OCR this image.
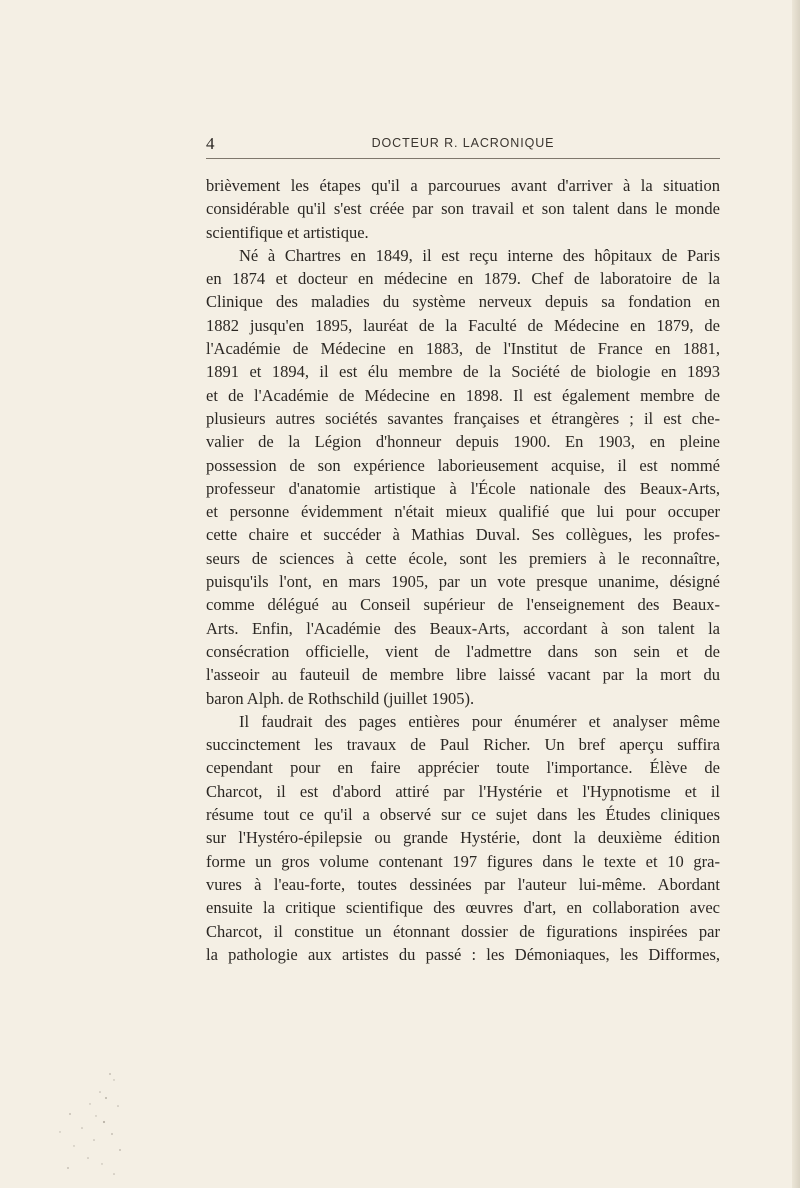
4	DOCTEUR R. LACRONIQUE
brièvement les étapes qu'il a parcourues avant d'arriver à la situation
considérable qu'il s'est créée par son travail et son talent dans le monde
scientifique et artistique.
Né à Chartres en 1849, il est reçu interne des hôpitaux de Paris
en 1874 et docteur en médecine en 1879. Chef de laboratoire de la
Clinique des maladies du système nerveux depuis sa fondation en
1882 jusqu'en 1895, lauréat de la Faculté de Médecine en 1879, de
l'Académie de Médecine en 1883, de l'Institut de France en 1881,
1891 et 1894, il est élu membre de la Société de biologie en 1893
et de l'Académie de Médecine en 1898. Il est également membre de
plusieurs autres sociétés savantes françaises et étrangères ; il est che-
valier de la Légion d'honneur depuis 1900. En 1903, en pleine
possession de son expérience laborieusement acquise, il est nommé
professeur d'anatomie artistique à l'École nationale des Beaux-Arts,
et personne évidemment n'était mieux qualifié que lui pour occuper
cette chaire et succéder à Mathias Duval. Ses collègues, les profes-
seurs de sciences à cette école, sont les premiers à le reconnaître,
puisqu'ils l'ont, en mars 1905, par un vote presque unanime, désigné
comme délégué au Conseil supérieur de l'enseignement des Beaux-
Arts. Enfin, l'Académie des Beaux-Arts, accordant à son talent la
consécration officielle, vient de l'admettre dans son sein et de
l'asseoir au fauteuil de membre libre laissé vacant par la mort du
baron Alph. de Rothschild (juillet 1905).
Il faudrait des pages entières pour énumérer et analyser même
succinctement les travaux de Paul Richer. Un bref aperçu suffira
cependant pour en faire apprécier toute l'importance. Élève de
Charcot, il est d'abord attiré par l'Hystérie et l'Hypnotisme et il
résume tout ce qu'il a observé sur ce sujet dans les Études cliniques
sur l'Hystéro-épilepsie ou grande Hystérie, dont la deuxième édition
forme un gros volume contenant 197 figures dans le texte et 10 gra-
vures à l'eau-forte, toutes dessinées par l'auteur lui-même. Abordant
ensuite la critique scientifique des œuvres d'art, en collaboration avec
Charcot, il constitue un étonnant dossier de figurations inspirées par
la pathologie aux artistes du passé : les Démoniaques, les Difformes,
